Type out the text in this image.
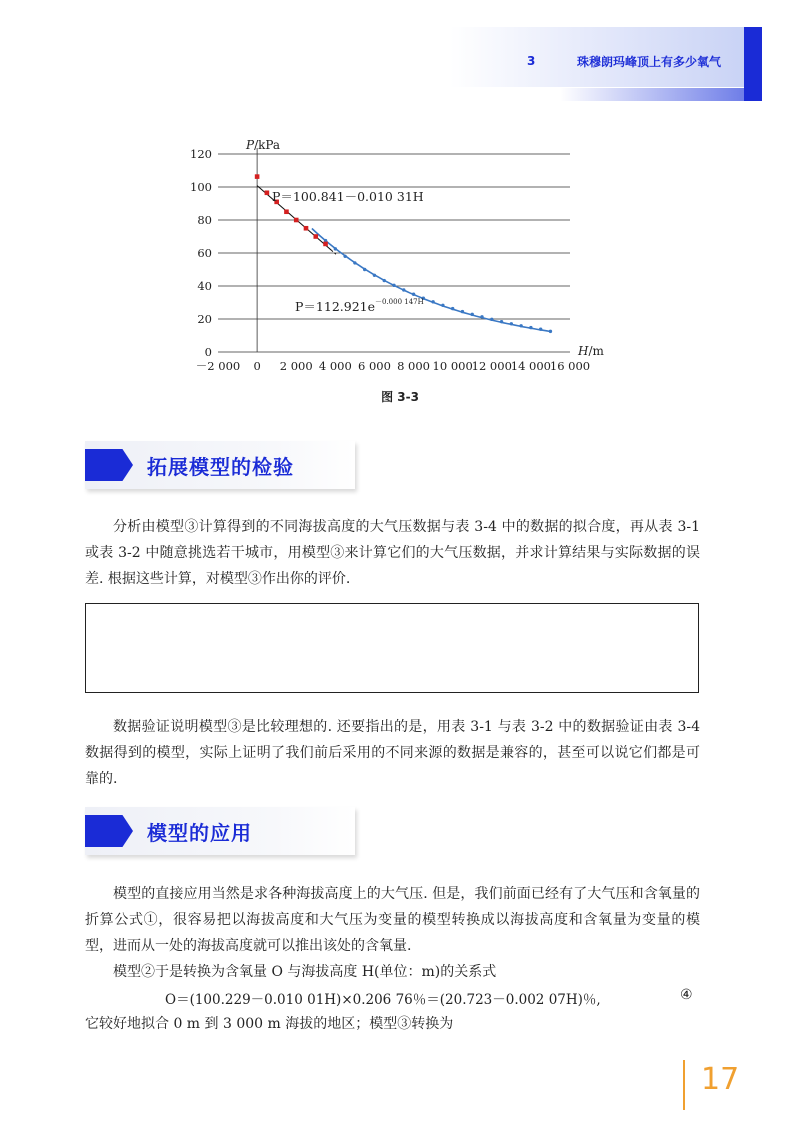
3	珠穆朗玛峰顶上有多少氧气
－2 000 0 2 000 4 000 6 000 8 000 10 000
12 000
14 000
16 000
0
20
40
60
80
100
120
P/kPa
H/m
P＝100.841－0.010 31H
$P=112.921e^{-0.000 147H}$
图 3-3
拓展模型的检验

分析由模型③计算得到的不同海拔高度的大气压数据与表 3-4 中的数据的拟合度，再从表 3-1 或表 3-2 中随意挑选若干城市，用模型③来计算它们的大气压数据，并求计算结果与实际数据的误差. 根据这些计算，对模型③作出你的评价.

数据验证说明模型③是比较理想的. 还要指出的是，用表 3-1 与表 3-2 中的数据验证由表 3-4 数据得到的模型，实际上证明了我们前后采用的不同来源的数据是兼容的，甚至可以说它们都是可靠的.

模型的应用

模型的直接应用当然是求各种海拔高度上的大气压. 但是，我们前面已经有了大气压和含氧量的折算公式①，很容易把以海拔高度和大气压为变量的模型转换成以海拔高度和含氧量为变量的模型，进而从一处的海拔高度就可以推出该处的含氧量.

模型②于是转换为含氧量 O 与海拔高度 H(单位：m)的关系式

O＝(100.229－0.010 01H)×0.206 76％＝(20.723－0.002 07H)％,	④

它较好地拟合 0 m 到 3 000 m 海拔的地区；模型③转换为

17
